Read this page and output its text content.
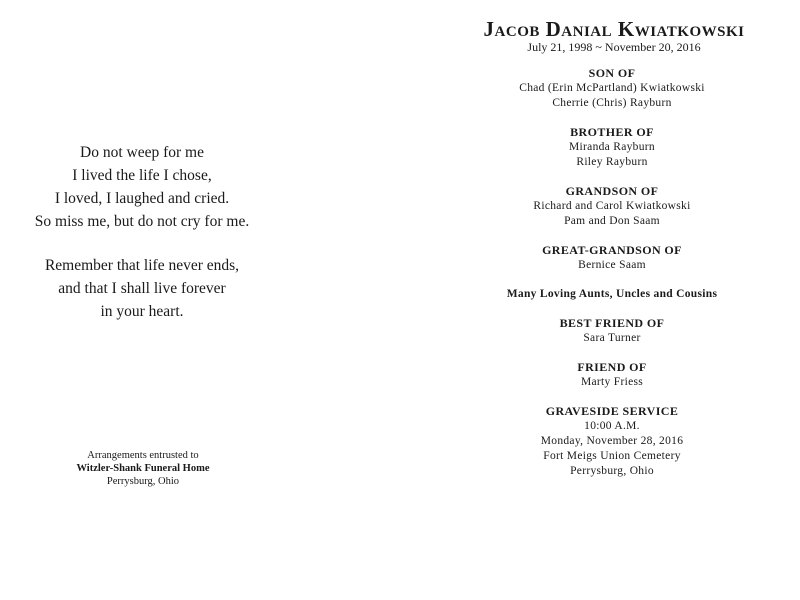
Do not weep for me
I lived the life I chose,
I loved, I laughed and cried.
So miss me, but do not cry for me.
Remember that life never ends,
and that I shall live forever
in your heart.
Arrangements entrusted to
Witzler-Shank Funeral Home
Perrysburg, Ohio
Jacob Danial Kwiatkowski
July 21, 1998 ~ November 20, 2016
SON OF
Chad (Erin McPartland) Kwiatkowski
Cherrie (Chris) Rayburn
BROTHER OF
Miranda Rayburn
Riley Rayburn
GRANDSON OF
Richard and Carol Kwiatkowski
Pam and Don Saam
GREAT-GRANDSON OF
Bernice Saam
Many Loving Aunts, Uncles and Cousins
BEST FRIEND OF
Sara Turner
FRIEND OF
Marty Friess
GRAVESIDE SERVICE
10:00 A.M.
Monday, November 28, 2016
Fort Meigs Union Cemetery
Perrysburg, Ohio
